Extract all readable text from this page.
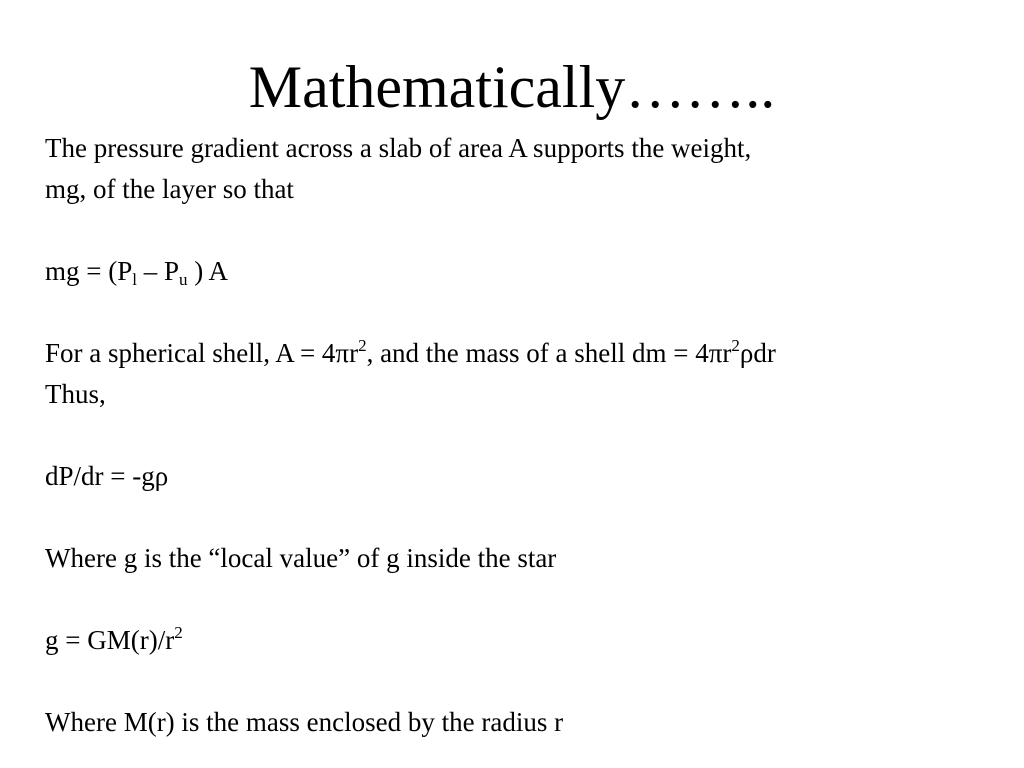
Mathematically……..
The pressure gradient across a slab of area A supports the weight,
mg, of the layer so that
mg = ($P_l - P_u$ ) A
For a spherical shell, $A = 4\pi r^2$, and the mass of a shell dm = $4\pi r^2\rho dr$
Thus,
dP/dr = -gρ
Where g is the “local value” of g inside the star
$g = GM(r)/r^2$
Where M(r) is the mass enclosed by the radius r
